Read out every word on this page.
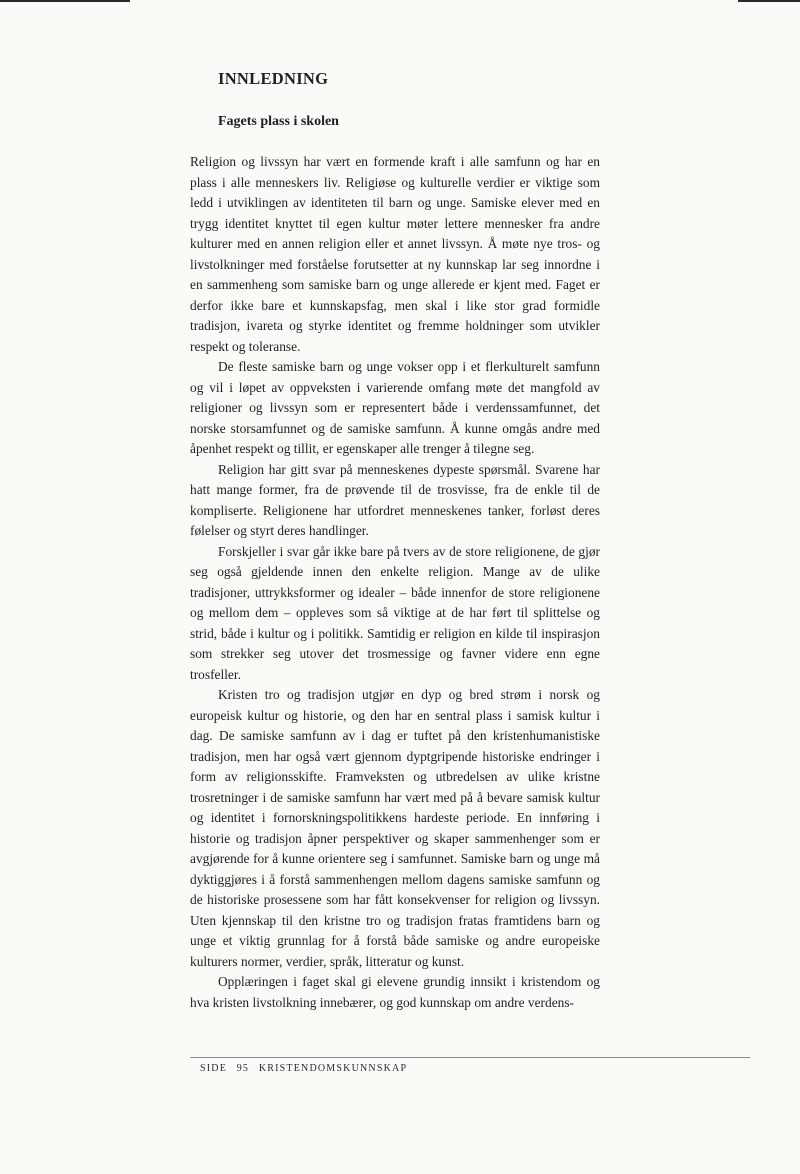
INNLEDNING
Fagets plass i skolen

Religion og livssyn har vært en formende kraft i alle samfunn og har en plass i alle menneskers liv. Religiøse og kulturelle verdier er viktige som ledd i utviklingen av identiteten til barn og unge. Samiske elever med en trygg identitet knyttet til egen kultur møter lettere mennesker fra andre kulturer med en annen religion eller et annet livssyn. Å møte nye tros- og livstolkninger med forståelse forutsetter at ny kunnskap lar seg innordne i en sammenheng som samiske barn og unge allerede er kjent med. Faget er derfor ikke bare et kunnskapsfag, men skal i like stor grad formidle tradisjon, ivareta og styrke identitet og fremme holdninger som utvikler respekt og toleranse.

De fleste samiske barn og unge vokser opp i et flerkulturelt samfunn og vil i løpet av oppveksten i varierende omfang møte det mangfold av religioner og livssyn som er representert både i verdenssamfunnet, det norske storsamfunnet og de samiske samfunn. Å kunne omgås andre med åpenhet respekt og tillit, er egenskaper alle trenger å tilegne seg.

Religion har gitt svar på menneskenes dypeste spørsmål. Svarene har hatt mange former, fra de prøvende til de trosvisse, fra de enkle til de kompliserte. Religionene har utfordret menneskenes tanker, forløst deres følelser og styrt deres handlinger.

Forskjeller i svar går ikke bare på tvers av de store religionene, de gjør seg også gjeldende innen den enkelte religion. Mange av de ulike tradisjoner, uttrykksformer og idealer – både innenfor de store religionene og mellom dem – oppleves som så viktige at de har ført til splittelse og strid, både i kultur og i politikk. Samtidig er religion en kilde til inspirasjon som strekker seg utover det trosmessige og favner videre enn egne trosfeller.

Kristen tro og tradisjon utgjør en dyp og bred strøm i norsk og europeisk kultur og historie, og den har en sentral plass i samisk kultur i dag. De samiske samfunn av i dag er tuftet på den kristenhumanistiske tradisjon, men har også vært gjennom dyptgripende historiske endringer i form av religionsskifte. Framveksten og utbredelsen av ulike kristne trosretninger i de samiske samfunn har vært med på å bevare samisk kultur og identitet i fornorskningspolitikkens hardeste periode. En innføring i historie og tradisjon åpner perspektiver og skaper sammenhenger som er avgjørende for å kunne orientere seg i samfunnet. Samiske barn og unge må dyktiggjøres i å forstå sammenhengen mellom dagens samiske samfunn og de historiske prosessene som har fått konsekvenser for religion og livssyn. Uten kjennskap til den kristne tro og tradisjon fratas framtidens barn og unge et viktig grunnlag for å forstå både samiske og andre europeiske kulturers normer, verdier, språk, litteratur og kunst.

Opplæringen i faget skal gi elevene grundig innsikt i kristendom og hva kristen livstolkning innebærer, og god kunnskap om andre verdens-

SIDE 95 KRISTENDOMSKUNNSKAP
